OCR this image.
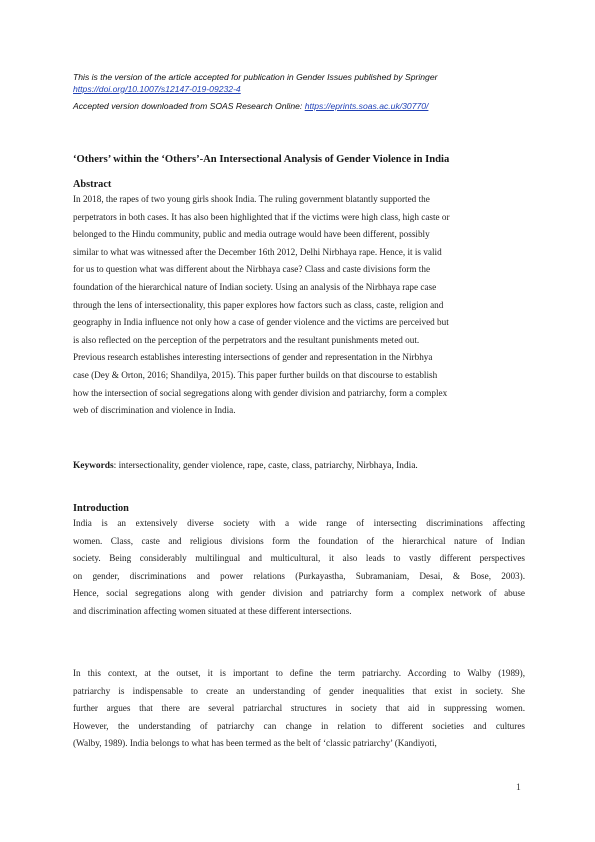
This is the version of the article accepted for publication in Gender Issues published by Springer
https://doi.org/10.1007/s12147-019-09232-4
Accepted version downloaded from SOAS Research Online: https://eprints.soas.ac.uk/30770/
‘Others’ within the ‘Others’-An Intersectional Analysis of Gender Violence in India
Abstract
In 2018, the rapes of two young girls shook India. The ruling government blatantly supported the
perpetrators in both cases. It has also been highlighted that if the victims were high class, high caste or
belonged to the Hindu community, public and media outrage would have been different, possibly
similar to what was witnessed after the December 16th 2012, Delhi Nirbhaya rape. Hence, it is valid
for us to question what was different about the Nirbhaya case? Class and caste divisions form the
foundation of the hierarchical nature of Indian society. Using an analysis of the Nirbhaya rape case
through the lens of intersectionality, this paper explores how factors such as class, caste, religion and
geography in India influence not only how a case of gender violence and the victims are perceived but
is also reflected on the perception of the perpetrators and the resultant punishments meted out.
Previous research establishes interesting intersections of gender and representation in the Nirbhya
case (Dey & Orton, 2016; Shandilya, 2015). This paper further builds on that discourse to establish
how the intersection of social segregations along with gender division and patriarchy, form a complex
web of discrimination and violence in India.
Keywords: intersectionality, gender violence, rape, caste, class, patriarchy, Nirbhaya, India.
Introduction
India is an extensively diverse society with a wide range of intersecting discriminations affecting
women. Class, caste and religious divisions form the foundation of the hierarchical nature of Indian
society. Being considerably multilingual and multicultural, it also leads to vastly different perspectives
on gender, discriminations and power relations (Purkayastha, Subramaniam, Desai, & Bose, 2003).
Hence, social segregations along with gender division and patriarchy form a complex network of abuse
and discrimination affecting women situated at these different intersections.
In this context, at the outset, it is important to define the term patriarchy. According to Walby (1989),
patriarchy is indispensable to create an understanding of gender inequalities that exist in society. She
further argues that there are several patriarchal structures in society that aid in suppressing women.
However, the understanding of patriarchy can change in relation to different societies and cultures
(Walby, 1989). India belongs to what has been termed as the belt of ‘classic patriarchy’ (Kandiyoti,
1
